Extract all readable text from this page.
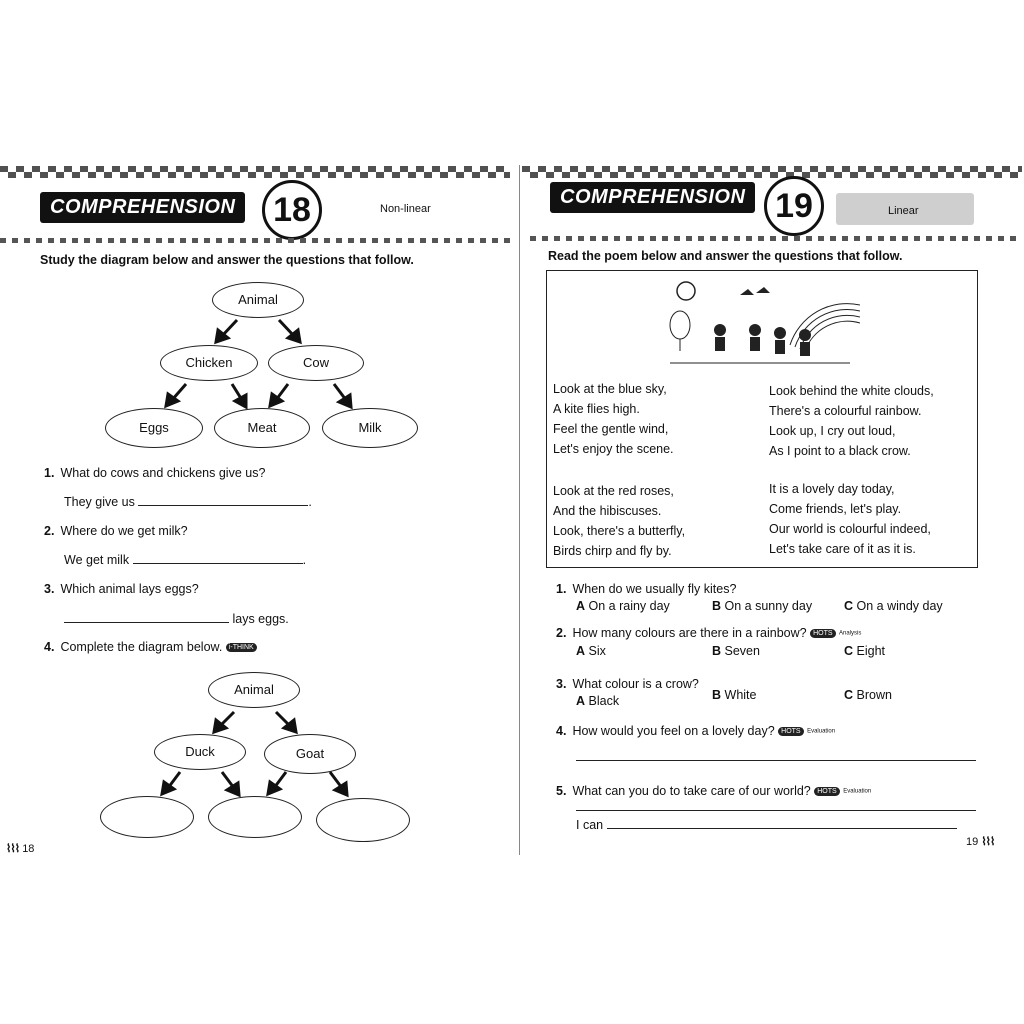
COMPREHENSION	18	Non-linear
Study the diagram below and answer the questions that follow.
Animal
Chicken	Cow
Eggs	Meat	Milk
1. What do cows and chickens give us?
They give us	.
2. Where do we get milk?
We get milk	.
3. Which animal lays eggs?
lays eggs.
4. Complete the diagram below. i-THINK
Animal
Duck	Goat
⌇⌇⌇ 18
COMPREHENSION 19	Linear
Read the poem below and answer the questions that follow.
Look at the blue sky,
A kite flies high.
Feel the gentle wind,
Let's enjoy the scene.
Look at the red roses,
And the hibiscuses.
Look, there's a butterfly,
Birds chirp and fly by.
Look behind the white clouds,
There's a colourful rainbow.
Look up, I cry out loud,
As I point to a black crow.
It is a lovely day today,
Come friends, let's play.
Our world is colourful indeed,
Let's take care of it as it is.
1. When do we usually fly kites?
A On a rainy day	B On a sunny day	C On a windy day
2. How many colours are there in a rainbow? HOTS Analysis
A Six	B Seven	C Eight
3. What colour is a crow?
A Black	B White	C Brown
4. How would you feel on a lovely day? HOTS Evaluation
5. What can you do to take care of our world? HOTS Evaluation
I can
19 ⌇⌇⌇
